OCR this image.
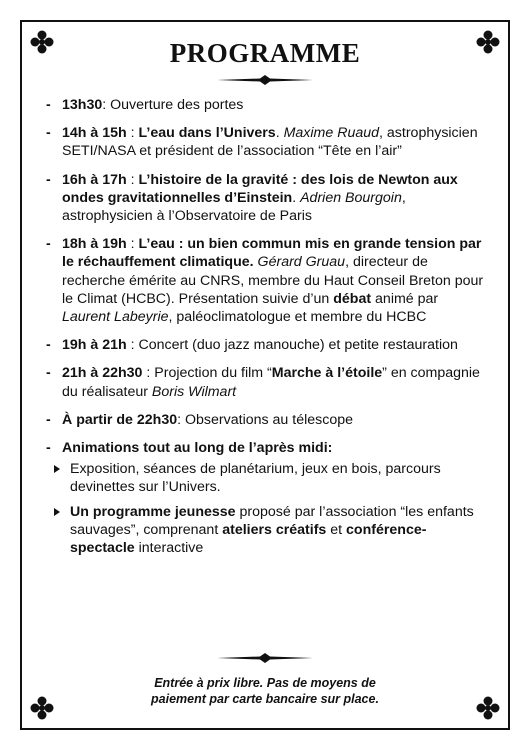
PROGRAMME
- 13h30: Ouverture des portes
- 14h à 15h : L’eau dans l’Univers. Maxime Ruaud, astrophysicien SETI/NASA et président de l’association “Tête en l’air”
- 16h à 17h : L’histoire de la gravité : des lois de Newton aux ondes gravitationnelles d’Einstein. Adrien Bourgoin, astrophysicien à l’Observatoire de Paris
- 18h à 19h : L’eau : un bien commun mis en grande tension par le réchauffement climatique. Gérard Gruau, directeur de recherche émérite au CNRS, membre du Haut Conseil Breton pour le Climat (HCBC). Présentation suivie d’un débat animé par Laurent Labeyrie, paléoclimatologue et membre du HCBC
- 19h à 21h : Concert (duo jazz manouche) et petite restauration
- 21h à 22h30 : Projection du film “Marche à l’étoile” en compagnie du réalisateur Boris Wilmart
- À partir de 22h30: Observations au télescope
- Animations tout au long de l’après midi:
Exposition, séances de planétarium, jeux en bois, parcours devinettes sur l’Univers.
Un programme jeunesse proposé par l’association “les enfants sauvages”, comprenant ateliers créatifs et conférence-spectacle interactive
Entrée à prix libre. Pas de moyens de
paiement par carte bancaire sur place.
